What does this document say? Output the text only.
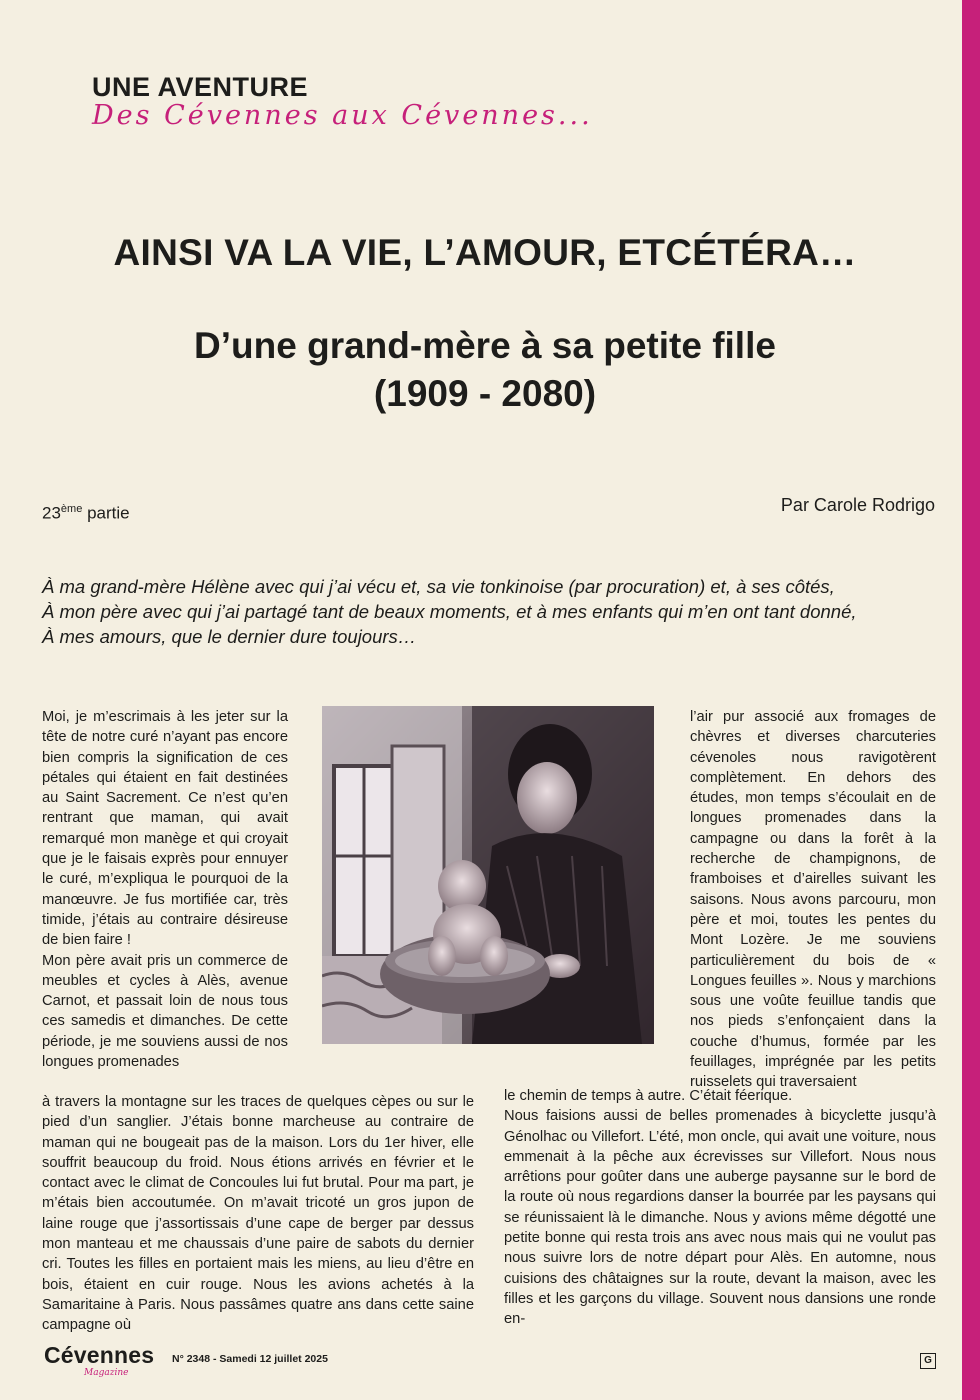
UNE AVENTURE
Des Cévennes aux Cévennes...
AINSI VA LA VIE, L’AMOUR, ETCÉTÉRA…
D’une grand-mère à sa petite fille
(1909 - 2080)
23ème partie	Par Carole Rodrigo
À ma grand-mère Hélène avec qui j’ai vécu et, sa vie tonkinoise (par procuration) et, à ses côtés,
À mon père avec qui j’ai partagé tant de beaux moments, et à mes enfants qui m’en ont tant donné,
À mes amours, que le dernier dure toujours…

Moi, je m’escrimais à les jeter sur la tête de notre curé n’ayant pas encore bien compris la signification de ces pétales qui étaient en fait destinées au Saint Sacrement. Ce n’est qu’en rentrant que maman, qui avait remarqué mon manège et qui croyait que je le faisais exprès pour ennuyer le curé, m’expliqua le pourquoi de la manœuvre. Je fus mortifiée car, très timide, j’étais au contraire désireuse de bien faire !

Mon père avait pris un commerce de meubles et cycles à Alès, avenue Carnot, et passait loin de nous tous ces samedis et dimanches. De cette période, je me souviens aussi de nos longues promenades

l’air pur associé aux fromages de chèvres et diverses charcuteries cévenoles nous ravigotèrent complètement. En dehors des études, mon temps s’écoulait en de longues promenades dans la campagne ou dans la forêt à la recherche de champignons, de framboises et d’airelles suivant les saisons. Nous avons parcouru, mon père et moi, toutes les pentes du Mont Lozère. Je me souviens particulièrement du bois de « Longues feuilles ». Nous y marchions sous une voûte feuillue tandis que nos pieds s’enfonçaient dans la couche d’humus, formée par les feuillages, imprégnée par les petits ruisselets qui traversaient

à travers la montagne sur les traces de quelques cèpes ou sur le pied d’un sanglier. J’étais bonne marcheuse au contraire de maman qui ne bougeait pas de la maison. Lors du 1er hiver, elle souffrit beaucoup du froid. Nous étions arrivés en février et le contact avec le climat de Concoules lui fut brutal. Pour ma part, je m’étais bien accoutumée. On m’avait tricoté un gros jupon de laine rouge que j’assortissais d’une cape de berger par dessus mon manteau et me chaussais d’une paire de sabots du dernier cri. Toutes les filles en portaient mais les miens, au lieu d’être en bois, étaient en cuir rouge. Nous les avions achetés à la Samaritaine à Paris. Nous passâmes quatre ans dans cette saine campagne où

le chemin de temps à autre. C’était féerique.

Nous faisions aussi de belles promenades à bicyclette jusqu’à Génolhac ou Villefort. L’été, mon oncle, qui avait une voiture, nous emmenait à la pêche aux écrevisses sur Villefort. Nous nous arrêtions pour goûter dans une auberge paysanne sur le bord de la route où nous regardions danser la bourrée par les paysans qui se réunissaient là le dimanche. Nous y avions même dégotté une petite bonne qui resta trois ans avec nous mais qui ne voulut pas nous suivre lors de notre départ pour Alès. En automne, nous cuisions des châtaignes sur la route, devant la maison, avec les filles et les garçons du village. Souvent nous dansions une ronde en-

Cévennes
Magazine
N° 2348 - Samedi 12 juillet 2025	G
